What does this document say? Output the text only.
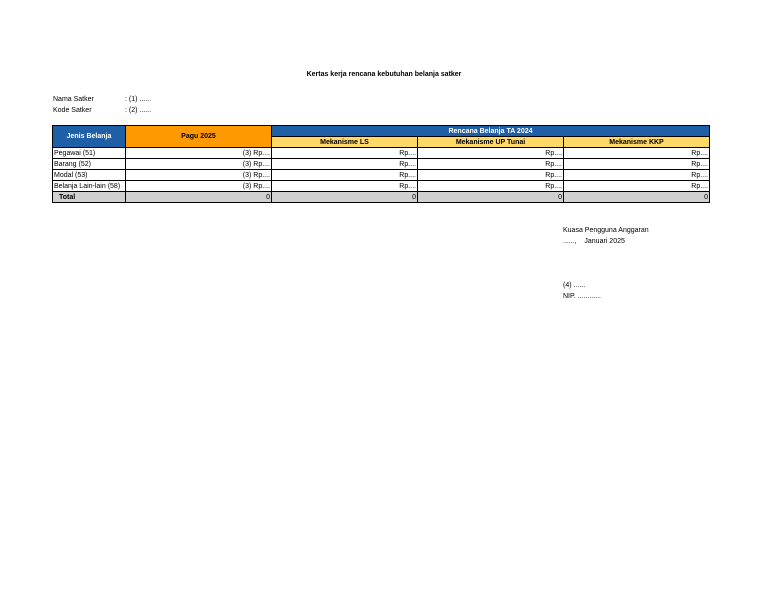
Kertas kerja rencana kebutuhan belanja satker
Nama Satker	: (1) ......
Kode Satker	: (2) ......
Jenis Belanja	Pagu 2025	Rencana Belanja TA 2024		
		Mekanisme LS	Mekanisme UP Tunai	Mekanisme KKP
Pegawai (51)	(3) Rp....	Rp....	Rp....	Rp....
Barang (52)	(3) Rp....	Rp....	Rp....	Rp....
Modal (53)	(3) Rp....	Rp....	Rp....	Rp....
Belanja Lain-lain (58)	(3) Rp....	Rp....	Rp....	Rp....
Total	0	0	0	0
Kuasa Pengguna Anggaran
......,    Januari 2025
(4) ......
NIP. ............
